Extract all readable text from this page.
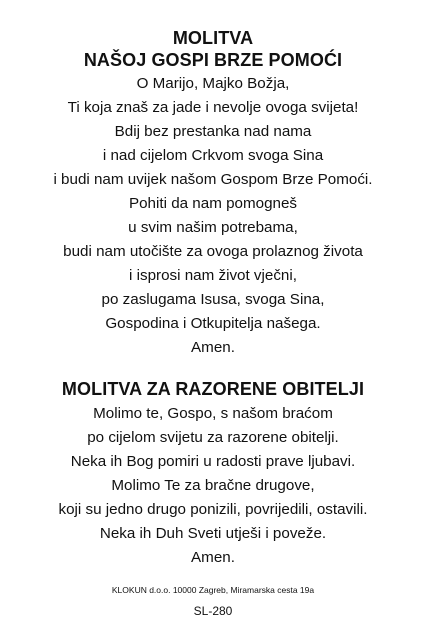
MOLITVA
NAŠOJ GOSPI BRZE POMOĆI
O Marijo, Majko Božja,
Ti koja znaš za jade i nevolje ovoga svijeta!
Bdij bez prestanka nad nama
i nad cijelom Crkvom svoga Sina
i budi nam uvijek našom Gospom Brze Pomoći.
Pohiti da nam pomogneš
u svim našim potrebama,
budi nam utočište za ovoga prolaznog života
i isprosi nam život vječni,
po zaslugama Isusa, svoga Sina,
Gospodina i Otkupitelja našega.
Amen.
MOLITVA ZA RAZORENE OBITELJI
Molimo te, Gospo, s našom braćom
po cijelom svijetu za razorene obitelji.
Neka ih Bog pomiri u radosti prave ljubavi.
Molimo Te za bračne drugove,
koji su jedno drugo ponizili, povrijedili, ostavili.
Neka ih Duh Sveti utješi i poveže.
Amen.
KLOKUN d.o.o. 10000 Zagreb, Miramarska cesta 19a
SL-280
